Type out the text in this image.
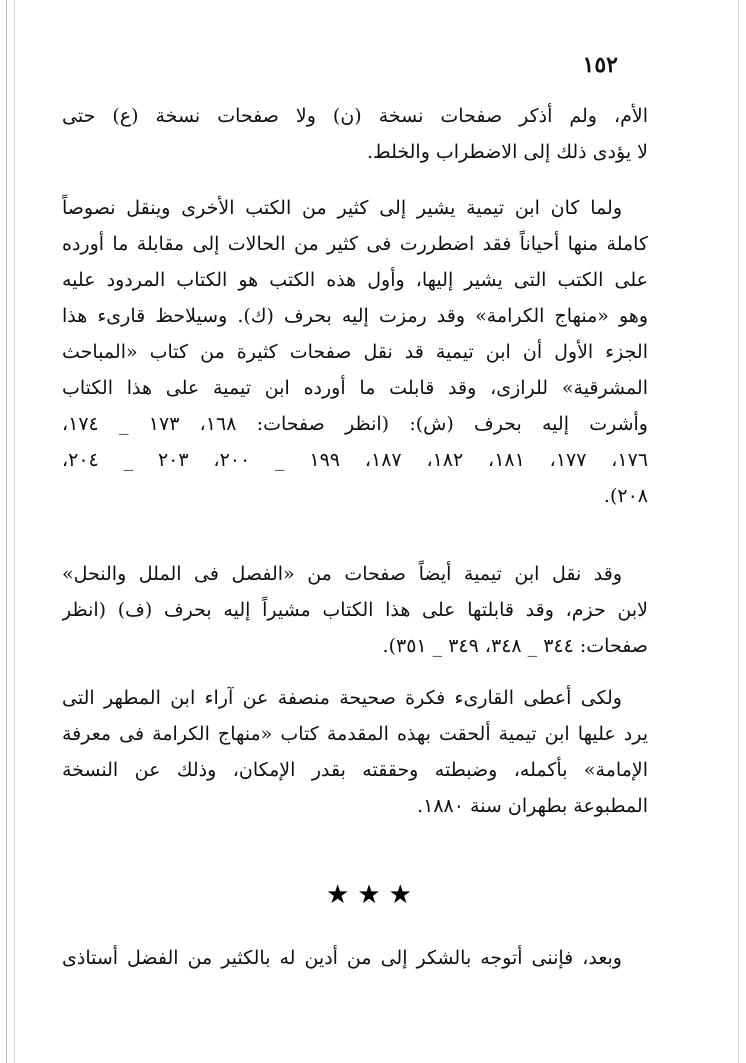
١٥٢
الأم، ولم أذكر صفحات نسخة (ن) ولا صفحات نسخة (ع) حتى
لا يؤدى ذلك إلى الاضطراب والخلط.
ولما كان ابن تيمية يشير إلى كثير من الكتب الأخرى وينقل نصوصاً
كاملة منها أحياناً فقد اضطررت فى كثير من الحالات إلى مقابلة ما أورده
على الكتب التى يشير إليها، وأول هذه الكتب هو الكتاب المردود عليه
وهو «منهاج الكرامة» وقد رمزت إليه بحرف (ك). وسيلاحظ قارىء هذا
الجزء الأول أن ابن تيمية قد نقل صفحات كثيرة من كتاب «المباحث
المشرقية» للرازى، وقد قابلت ما أورده ابن تيمية على هذا الكتاب
وأشرت إليه بحرف (ش): (انظر صفحات: ١٦٨، ١٧٣ _ ١٧٤،
١٧٦، ١٧٧، ١٨١، ١٨٢، ١٨٧، ١٩٩ _ ٢٠٠، ٢٠٣ _ ٢٠٤،
٢٠٨).
وقد نقل ابن تيمية أيضاً صفحات من «الفصل فى الملل والنحل»
لابن حزم، وقد قابلتها على هذا الكتاب مشيراً إليه بحرف (ف) (انظر
صفحات: ٣٤٤ _ ٣٤٨، ٣٤٩ _ ٣٥١).
ولكى أعطى القارىء فكرة صحيحة منصفة عن آراء ابن المطهر التى
يرد عليها ابن تيمية ألحقت بهذه المقدمة كتاب «منهاج الكرامة فى معرفة
الإمامة» بأكمله، وضبطته وحققته بقدر الإمكان، وذلك عن النسخة
المطبوعة بطهران سنة ١٨٨٠.
★★★
وبعد، فإننى أتوجه بالشكر إلى من أدين له بالكثير من الفضل أستاذى
